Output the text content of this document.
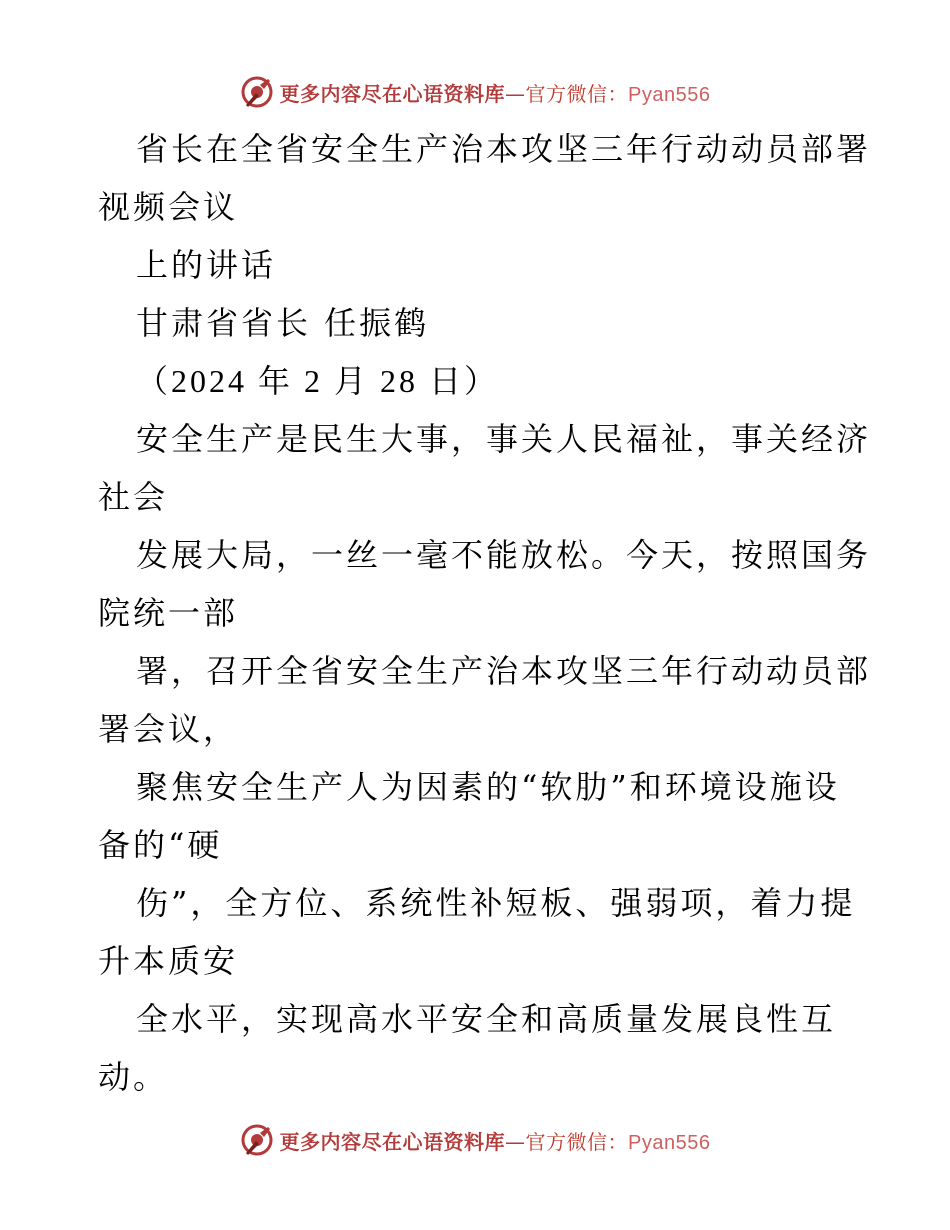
更多内容尽在心语资料库—官方微信：Pyan556
省长在全省安全生产治本攻坚三年行动动员部署
视频会议
上的讲话
甘肃省省长 任振鹤
（2024 年 2 月 28 日）
安全生产是民生大事，事关人民福祉，事关经济
社会
发展大局，一丝一毫不能放松。今天，按照国务
院统一部
署，召开全省安全生产治本攻坚三年行动动员部
署会议，
聚焦安全生产人为因素的“软肋”和环境设施设
备的“硬
伤”，全方位、系统性补短板、强弱项，着力提
升本质安
全水平，实现高水平安全和高质量发展良性互
动。
更多内容尽在心语资料库—官方微信：Pyan556
